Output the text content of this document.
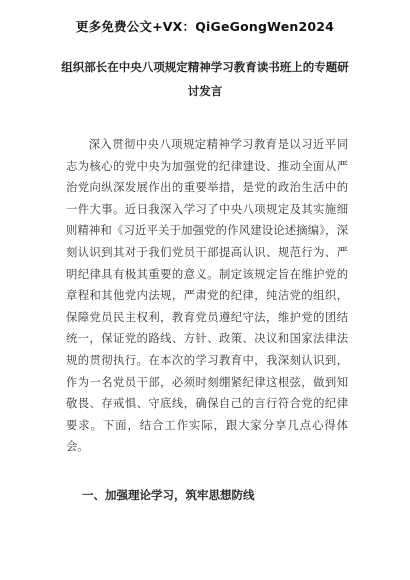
更多免费公文+VX：QiGeGongWen2024
组织部长在中央八项规定精神学习教育读书班上的专题研讨发言

深入贯彻中央八项规定精神学习教育是以习近平同志为核心的党中央为加强党的纪律建设、推动全面从严治党向纵深发展作出的重要举措，是党的政治生活中的一件大事。近日我深入学习了中央八项规定及其实施细则精神和《习近平关于加强党的作风建设论述摘编》，深刻认识到其对于我们党员干部提高认识、规范行为、严明纪律具有极其重要的意义。制定该规定旨在维护党的章程和其他党内法规，严肃党的纪律，纯洁党的组织，保障党员民主权利，教育党员遵纪守法，维护党的团结统一，保证党的路线、方针、政策、决议和国家法律法规的贯彻执行。在本次的学习教育中，我深刻认识到，作为一名党员干部，必须时刻绷紧纪律这根弦，做到知敬畏、存戒惧、守底线，确保自己的言行符合党的纪律要求。下面，结合工作实际，跟大家分享几点心得体会。

一、加强理论学习，筑牢思想防线
